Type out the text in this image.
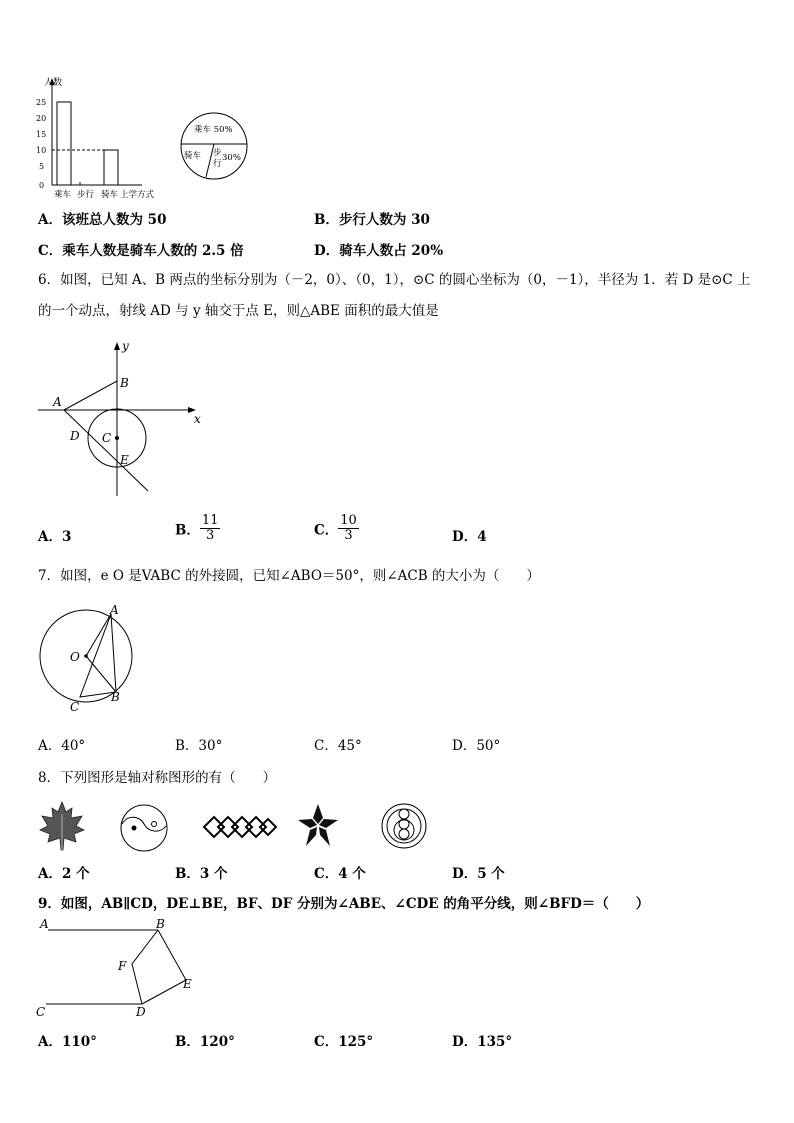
人数
25
20
15
10
5
0
乘车 步行 骑车 上学方式
乘车 50%
骑车 步
行
30%
A．该班总人数为 50	B．步行人数为 30
C．乘车人数是骑车人数的 2.5 倍	D．骑车人数占 20%
6．如图，已知 A、B 两点的坐标分别为（－2，0）、（0，1），⊙C 的圆心坐标为（0，－1），半径为 1．若 D 是⊙C 上
的一个动点，射线 AD 与 y 轴交于点 E，则△ABE 面积的最大值是
y
x
A
B
C
D
E
A．3	B． $\frac{11}{3}$	C． $\frac{10}{3}$	D．4
7．如图，e O 是VABC 的外接圆，已知∠ABO＝50°，则∠ACB 的大小为（　　）
A
O
B
C
A．40°	B．30°	C．45°	D．50°
8．下列图形是轴对称图形的有（　　）
A．2 个	B．3 个	C．4 个	D．5 个
9．如图，AB∥CD，DE⊥BE，BF、DF 分别为∠ABE、∠CDE 的角平分线，则∠BFD＝（　　）
A	B
F
E
C	D
A．110°	B．120°	C．125°	D．135°
